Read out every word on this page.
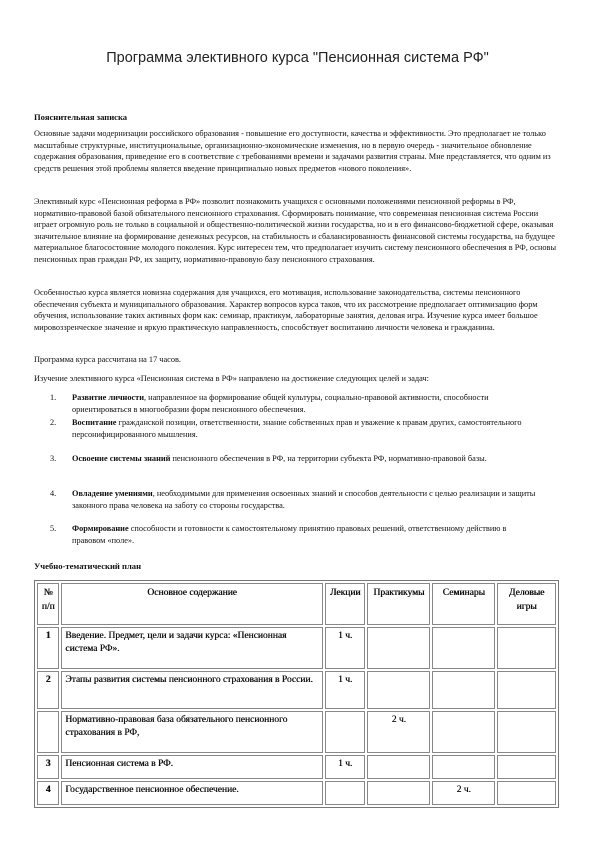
Программа элективного курса "Пенсионная система РФ"
Пояснительная записка

Основные задачи модернизации российского образования - повышение его доступности, качества и эффективности. Это предполагает не только масштабные структурные, институциональные, организационно-экономические изменения, но в первую очередь - значительное обновление содержания образования, приведение его в соответствие с требованиями времени и задачами развития страны. Мне представляется, что одним из средств решения этой проблемы является введение принципиально новых предметов «нового поколения».

Элективный курс «Пенсионная реформа в РФ» позволит познакомить учащихся с основными положениями пенсионной реформы в РФ, нормативно-правовой базой обязательного пенсионного страхования. Сформировать понимание, что современная пенсионная система России играет огромную роль не только в социальной и общественно-политической жизни государства, но и в его финансово-бюджетной сфере, оказывая значительное влияние на формирование денежных ресурсов, на стабильность и сбалансированность финансовой системы государства, на будущее материальное благосостояние молодого поколения. Курс интересен тем, что предполагает изучить систему пенсионного обеспечения в РФ, основы пенсионных прав граждан РФ, их защиту, нормативно-правовую базу пенсионного страхования.

Особенностью курса является новизна содержания для учащихся, его мотивация, использование законодательства, системы пенсионного обеспечения субъекта и муниципального образования. Характер вопросов курса таков, что их рассмотрение предполагает оптимизацию форм обучения, использование таких активных форм как: семинар, практикум, лабораторные занятия, деловая игра. Изучение курса имеет большое мировоззренческое значение и яркую практическую направленность, способствует воспитанию личности человека и гражданина.

Программа курса рассчитана на 17 часов.

Изучение элективного курса «Пенсионная система в РФ» направлено на достижение следующих целей и задач:

1.	Развитие личности, направленное на формирование общей культуры, социально-правовой активности, способности ориентироваться в многообразии форм пенсионного обеспечения.
2.	Воспитание гражданской позиции, ответственности, знание собственных прав и уважение к правам других, самостоятельного персонифицированного мышления.
3.	Освоение системы знаний пенсионного обеспечения в РФ, на территории субъекта РФ, нормативно-правовой базы.
4.	Овладение умениями, необходимыми для применения освоенных знаний и способов деятельности с целью реализации и защиты законного права человека на заботу со стороны государства.
5.	Формирование способности и готовности к самостоятельному принятию правовых решений, ответственному действию в правовом «поле».
Учебно-тематический план
№ п/п	Основное содержание	Лекции	Практикумы	Семинары	Деловые игры
1	Введение. Предмет, цели и задачи курса: «Пенсионная система РФ».	1 ч.			
2	Этапы развития системы пенсионного страхования в России.	1 ч.			
	Нормативно-правовая база обязательного пенсионного страхования в РФ,		2 ч.		
3	Пенсионная система в РФ.	1 ч.			
4	Государственное пенсионное обеспечение.			2 ч.	
